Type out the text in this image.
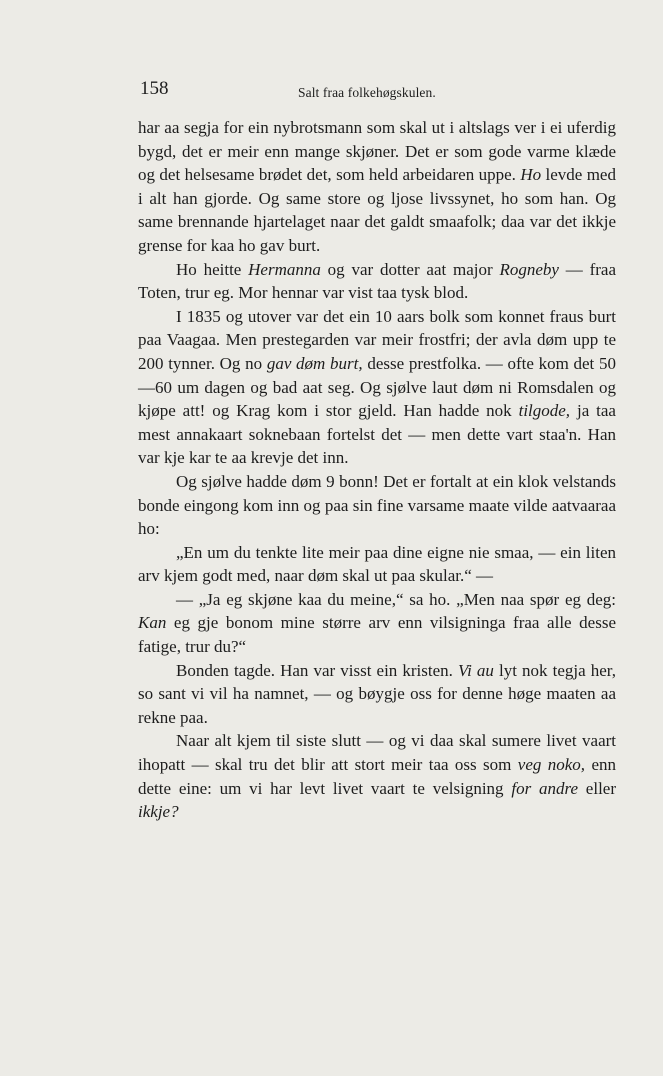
158	Salt fraa folkehøgskulen.

har aa segja for ein nybrotsmann som skal ut i altslags ver i ei uferdig bygd, det er meir enn mange skjøner. Det er som gode varme klæde og det helsesame brødet det, som held arbeidaren uppe. Ho levde med i alt han gjorde. Og same store og ljose livssynet, ho som han. Og same brennande hjartelaget naar det galdt smaafolk; daa var det ikkje grense for kaa ho gav burt.

Ho heitte Hermanna og var dotter aat major Rogneby — fraa Toten, trur eg. Mor hennar var vist taa tysk blod.

I 1835 og utover var det ein 10 aars bolk som konnet fraus burt paa Vaagaa. Men prestegarden var meir frostfri; der avla døm upp te 200 tynner. Og no gav døm burt, desse prestfolka. — ofte kom det 50—60 um dagen og bad aat seg. Og sjølve laut døm ni Romsdalen og kjøpe att! og Krag kom i stor gjeld. Han hadde nok tilgode, ja taa mest annakaart soknebaan fortelst det — men dette vart staa'n. Han var kje kar te aa krevje det inn.

Og sjølve hadde døm 9 bonn! Det er fortalt at ein klok velstands bonde eingong kom inn og paa sin fine varsame maate vilde aatvaaraa ho:

„En um du tenkte lite meir paa dine eigne nie smaa, — ein liten arv kjem godt med, naar døm skal ut paa skular.“ —

— „Ja eg skjøne kaa du meine,“ sa ho. „Men naa spør eg deg: Kan eg gje bonom mine større arv enn vilsigninga fraa alle desse fatige, trur du?“

Bonden tagde. Han var visst ein kristen. Vi au lyt nok tegja her, so sant vi vil ha namnet, — og bøygje oss for denne høge maaten aa rekne paa.

Naar alt kjem til siste slutt — og vi daa skal sumere livet vaart ihopatt — skal tru det blir att stort meir taa oss som veg noko, enn dette eine: um vi har levt livet vaart te velsigning for andre eller ikkje?
